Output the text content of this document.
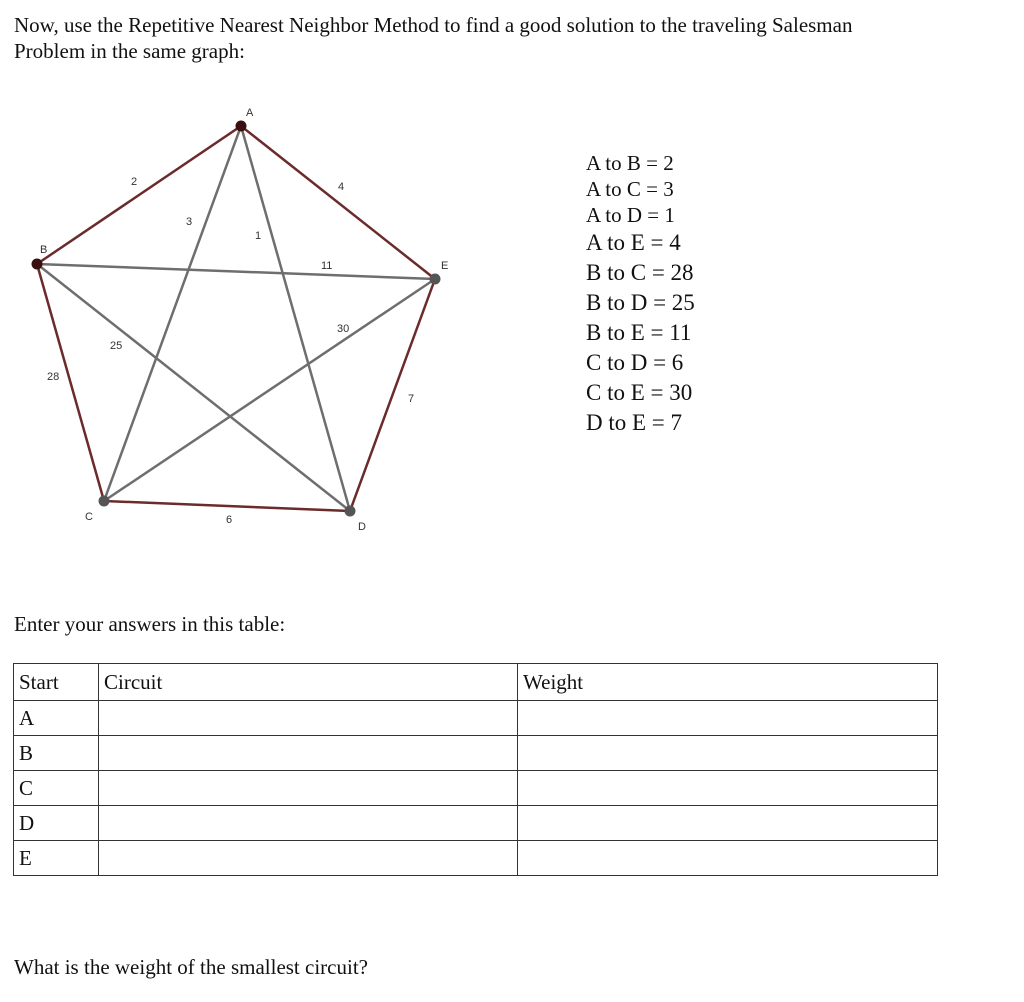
Now, use the Repetitive Nearest Neighbor Method to find a good solution to the traveling Salesman Problem in the same graph:

A
B
C
D
E
2
3
1
4
11
30
25
28
7
6
A to B = 2
A to C = 3
A to D = 1
A to E = 4
B to C = 28
B to D = 25
B to E = 11
C to D = 6
C to E = 30
D to E = 7

Enter your answers in this table:

Start	Circuit	Weight
A		
B		
C		
D		
E		

What is the weight of the smallest circuit?
